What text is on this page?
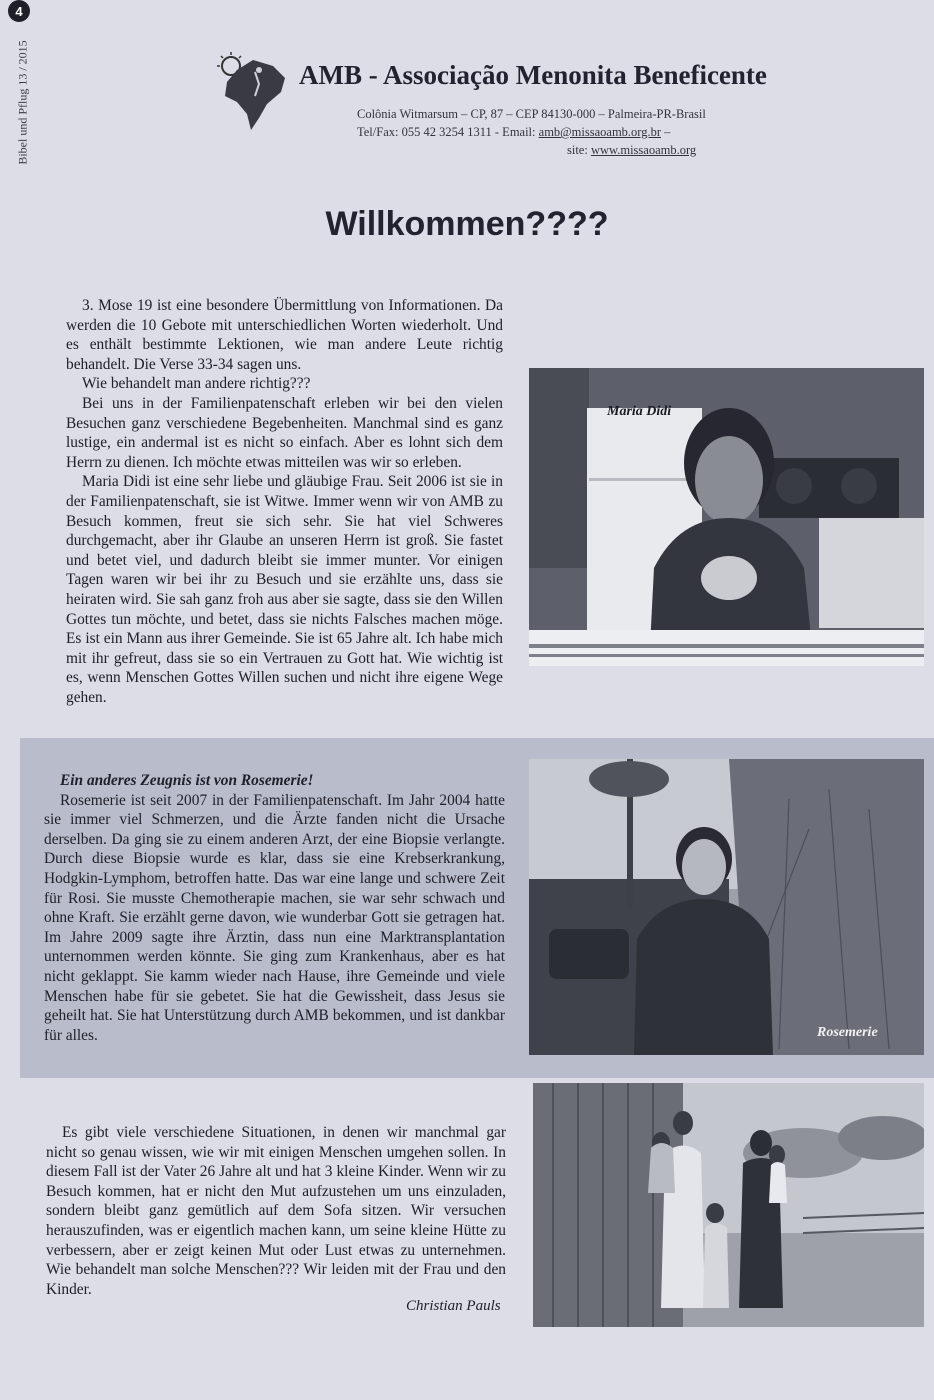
4
Bibel und Pflug 13 / 2015	AMB - Associação Menonita Beneficente
Colônia Witmarsum – CP, 87 – CEP 84130-000 – Palmeira-PR-Brasil
Tel/Fax: 055 42 3254 1311 - Email: amb@missaoamb.org.br –
site: www.missaoamb.org
Willkommen????

3. Mose 19 ist eine besondere Übermittlung von Informationen. Da werden die 10 Gebote mit unterschiedlichen Worten wiederholt. Und es enthält bestimmte Lektionen, wie man andere Leute richtig behandelt. Die Verse 33-34 sagen uns.

Wie behandelt man andere richtig???

Bei uns in der Familienpatenschaft erleben wir bei den vielen Besuchen ganz verschiedene Begebenheiten. Manchmal sind es ganz lustige, ein andermal ist es nicht so einfach. Aber es lohnt sich dem Herrn zu dienen. Ich möchte etwas mitteilen was wir so erleben.

Maria Didi ist eine sehr liebe und gläubige Frau. Seit 2006 ist sie in der Familienpatenschaft, sie ist Witwe. Immer wenn wir von AMB zu Besuch kommen, freut sie sich sehr. Sie hat viel Schweres durchgemacht, aber ihr Glaube an unseren Herrn ist groß. Sie fastet und betet viel, und dadurch bleibt sie immer munter. Vor einigen Tagen waren wir bei ihr zu Besuch und sie erzählte uns, dass sie heiraten wird. Sie sah ganz froh aus aber sie sagte, dass sie den Willen Gottes tun möchte, und betet, dass sie nichts Falsches machen möge. Es ist ein Mann aus ihrer Gemeinde. Sie ist 65 Jahre alt. Ich habe mich mit ihr gefreut, dass sie so ein Vertrauen zu Gott hat. Wie wichtig ist es, wenn Menschen Gottes Willen suchen und nicht ihre eigene Wege gehen.

Maria Didi

Ein anderes Zeugnis ist von Rosemerie!

Rosemerie ist seit 2007 in der Familienpatenschaft. Im Jahr 2004 hatte sie immer viel Schmerzen, und die Ärzte fanden nicht die Ursache derselben. Da ging sie zu einem anderen Arzt, der eine Biopsie verlangte. Durch diese Biopsie wurde es klar, dass sie eine Krebserkrankung, Hodgkin-Lymphom, betroffen hatte. Das war eine lange und schwere Zeit für Rosi. Sie musste Chemotherapie machen, sie war sehr schwach und ohne Kraft. Sie erzählt gerne davon, wie wunderbar Gott sie getragen hat. Im Jahre 2009 sagte ihre Ärztin, dass nun eine Marktransplantation unternommen werden könnte. Sie ging zum Krankenhaus, aber es hat nicht geklappt. Sie kamm wieder nach Hause, ihre Gemeinde und viele Menschen habe für sie gebetet. Sie hat die Gewissheit, dass Jesus sie geheilt hat. Sie hat Unterstützung durch AMB bekommen, und ist dankbar für alles.	Rosemerie

Es gibt viele verschiedene Situationen, in denen wir manchmal gar nicht so genau wissen, wie wir mit einigen Menschen umgehen sollen. In diesem Fall ist der Vater 26 Jahre alt und hat 3 kleine Kinder. Wenn wir zu Besuch kommen, hat er nicht den Mut aufzustehen um uns einzuladen, sondern bleibt ganz gemütlich auf dem Sofa sitzen. Wir versuchen herauszufinden, was er eigentlich machen kann, um seine kleine Hütte zu verbessern, aber er zeigt keinen Mut oder Lust etwas zu unternehmen. Wie behandelt man solche Menschen??? Wir leiden mit der Frau und den Kinder.

Christian Pauls
